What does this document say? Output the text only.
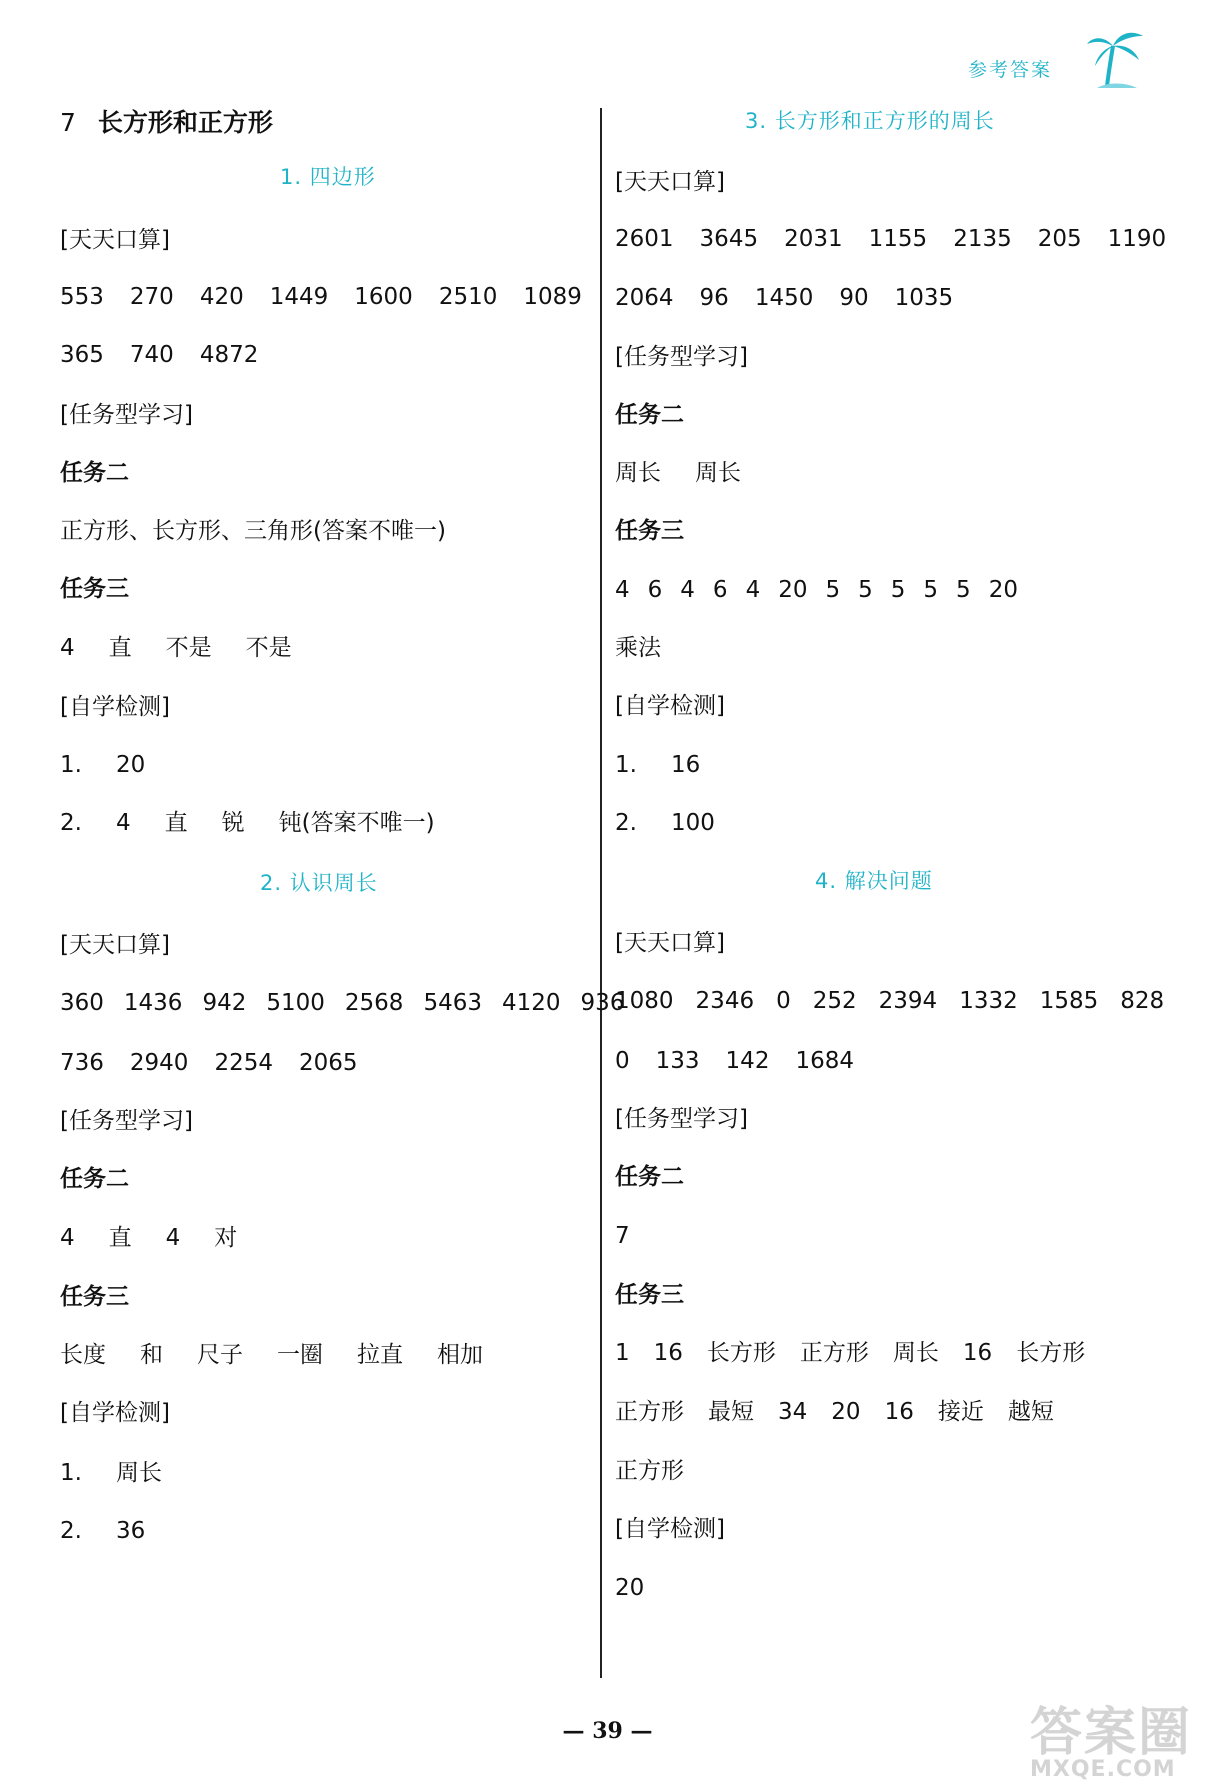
参考答案
7 长方形和正方形
1. 四边形
[天天口算]
553 270 420 1449 1600 2510 1089
365 740 4872
[任务型学习]
任务二
正方形、长方形、三角形(答案不唯一)
任务三
4 直 不是 不是
[自学检测]
1. 20
2. 4 直 锐 钝(答案不唯一)
2. 认识周长
[天天口算]
360 1436 942 5100 2568 5463 4120 936
736 2940 2254 2065
[任务型学习]
任务二
4 直 4 对
任务三
长度 和 尺子 一圈 拉直 相加
[自学检测]
1. 周长
2. 36
3. 长方形和正方形的周长
[天天口算]
2601 3645 2031 1155 2135 205 1190
2064 96 1450 90 1035
[任务型学习]
任务二
周长 周长
任务三
4 6 4 6 4 20 5 5 5 5 5 20
乘法
[自学检测]
1. 16
2. 100
4. 解决问题
[天天口算]
1080 2346 0 252 2394 1332 1585 828
0 133 142 1684
[任务型学习]
任务二
7
任务三
1 16 长方形 正方形 周长 16 长方形
正方形 最短 34 20 16 接近 越短
正方形
[自学检测]
20
— 39 —	答案圈
MXQE.COM
